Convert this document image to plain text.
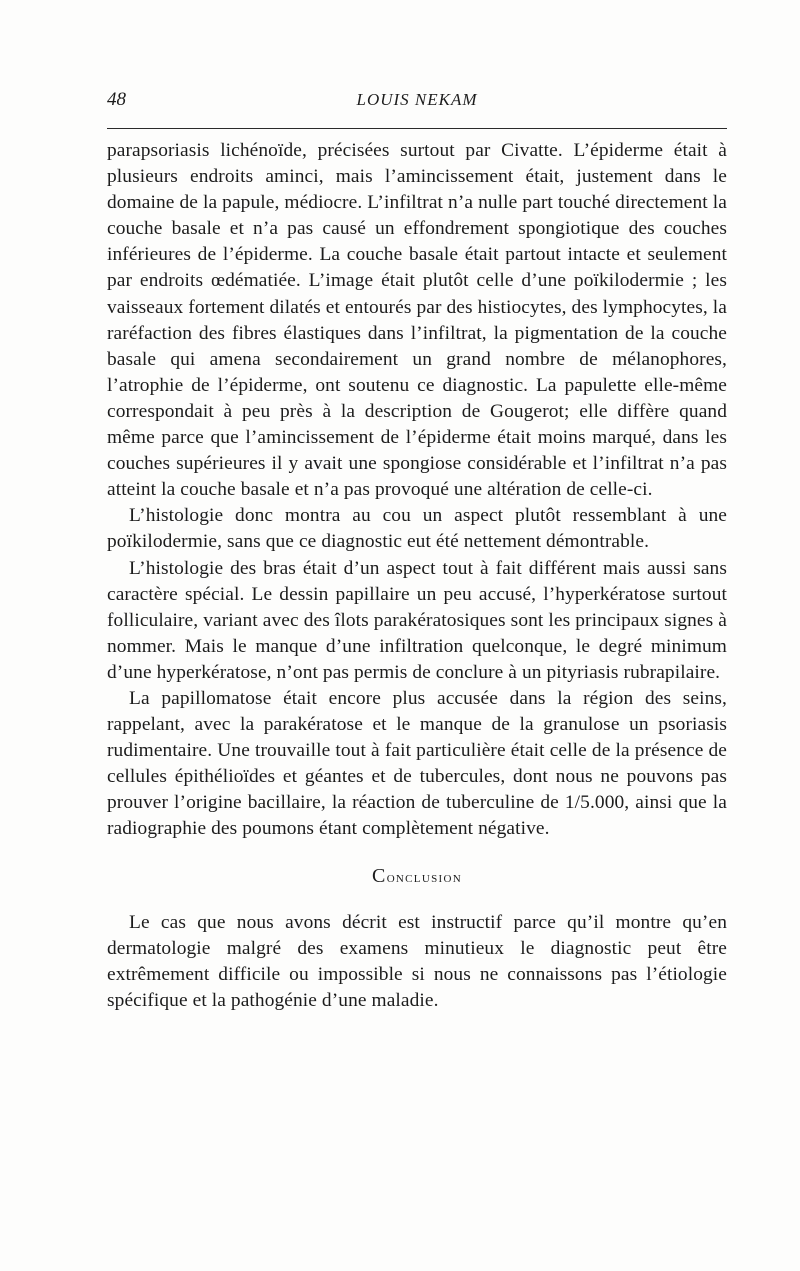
48	LOUIS NEKAM

parapsoriasis lichénoïde, précisées surtout par Civatte. L’épiderme était à plusieurs endroits aminci, mais l’amincissement était, justement dans le domaine de la papule, médiocre. L’infiltrat n’a nulle part touché directement la couche basale et n’a pas causé un effondrement spongiotique des couches inférieures de l’épiderme. La couche basale était partout intacte et seulement par endroits œdématiée. L’image était plutôt celle d’une poïkilodermie ; les vaisseaux fortement dilatés et entourés par des histiocytes, des lymphocytes, la raréfaction des fibres élastiques dans l’infiltrat, la pigmentation de la couche basale qui amena secondairement un grand nombre de mélanophores, l’atrophie de l’épiderme, ont soutenu ce diagnostic. La papulette elle-même correspondait à peu près à la description de Gougerot; elle diffère quand même parce que l’amincissement de l’épiderme était moins marqué, dans les couches supérieures il y avait une spongiose considérable et l’infiltrat n’a pas atteint la couche basale et n’a pas provoqué une altération de celle-ci.

L’histologie donc montra au cou un aspect plutôt ressemblant à une poïkilodermie, sans que ce diagnostic eut été nettement démontrable.

L’histologie des bras était d’un aspect tout à fait différent mais aussi sans caractère spécial. Le dessin papillaire un peu accusé, l’hyperkératose surtout folliculaire, variant avec des îlots parakératosiques sont les principaux signes à nommer. Mais le manque d’une infiltration quelconque, le degré minimum d’une hyperkératose, n’ont pas permis de conclure à un pityriasis rubrapilaire.

La papillomatose était encore plus accusée dans la région des seins, rappelant, avec la parakératose et le manque de la granulose un psoriasis rudimentaire. Une trouvaille tout à fait particulière était celle de la présence de cellules épithélioïdes et géantes et de tubercules, dont nous ne pouvons pas prouver l’origine bacillaire, la réaction de tuberculine de 1/5.000, ainsi que la radiographie des poumons étant complètement négative.

Conclusion

Le cas que nous avons décrit est instructif parce qu’il montre qu’en dermatologie malgré des examens minutieux le diagnostic peut être extrêmement difficile ou impossible si nous ne connaissons pas l’étiologie spécifique et la pathogénie d’une maladie.
